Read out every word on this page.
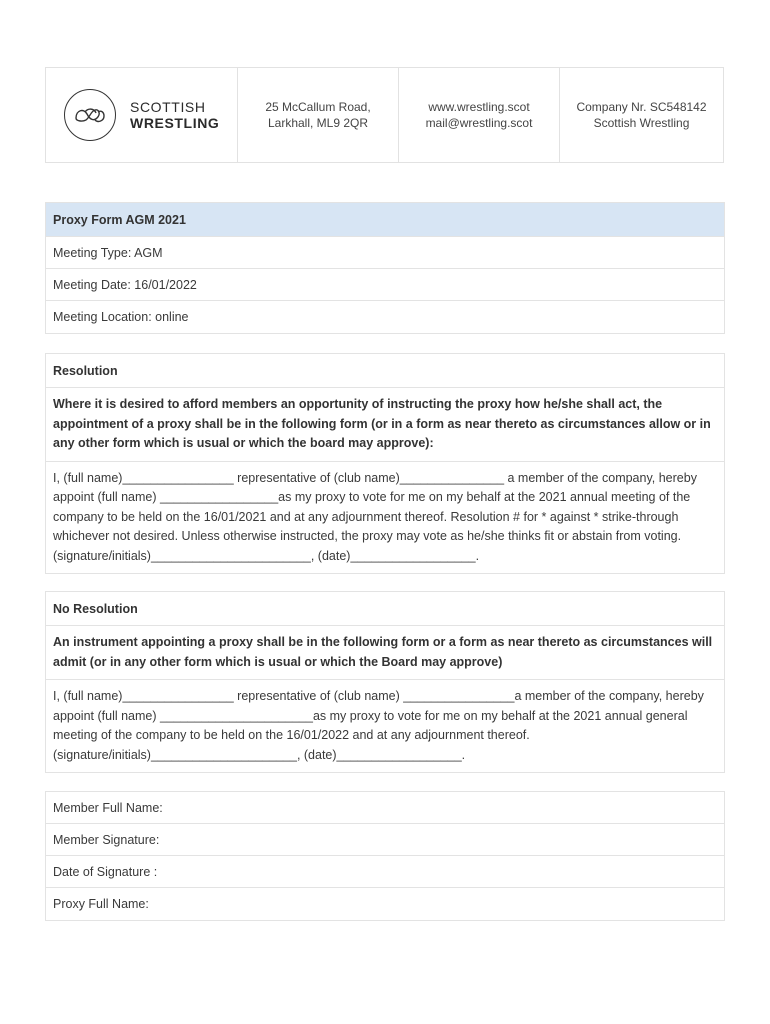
SCOTTISH
WRESTLING
25 McCallum Road,
Larkhall, ML9 2QR
www.wrestling.scot
mail@wrestling.scot
Company Nr. SC548142
Scottish Wrestling
Proxy Form AGM 2021
Meeting Type: AGM
Meeting Date: 16/01/2022
Meeting Location: online
Resolution
Where it is desired to afford members an opportunity of instructing the proxy how he/she shall act, the appointment of a proxy shall be in the following form (or in a form as near thereto as circumstances allow or in any other form which is usual or which the board may approve):
I, (full name)________________ representative of (club name)_______________ a member of the company, hereby appoint (full name) _________________as my proxy to vote for me on my behalf at the 2021 annual meeting of the company to be held on the 16/01/2021 and at any adjournment thereof. Resolution # for * against * strike-through whichever not desired. Unless otherwise instructed, the proxy may vote as he/she thinks fit or abstain from voting. (signature/initials)_______________________, (date)__________________.
No Resolution
An instrument appointing a proxy shall be in the following form or a form as near thereto as circumstances will admit (or in any other form which is usual or which the Board may approve)
I, (full name)________________ representative of (club name) ________________a member of the company, hereby appoint (full name) ______________________as my proxy to vote for me on my behalf at the 2021 annual general meeting of the company to be held on the 16/01/2022 and at any adjournment thereof. (signature/initials)_____________________, (date)__________________.
Member Full Name:
Member Signature:
Date of Signature :
Proxy Full Name:
